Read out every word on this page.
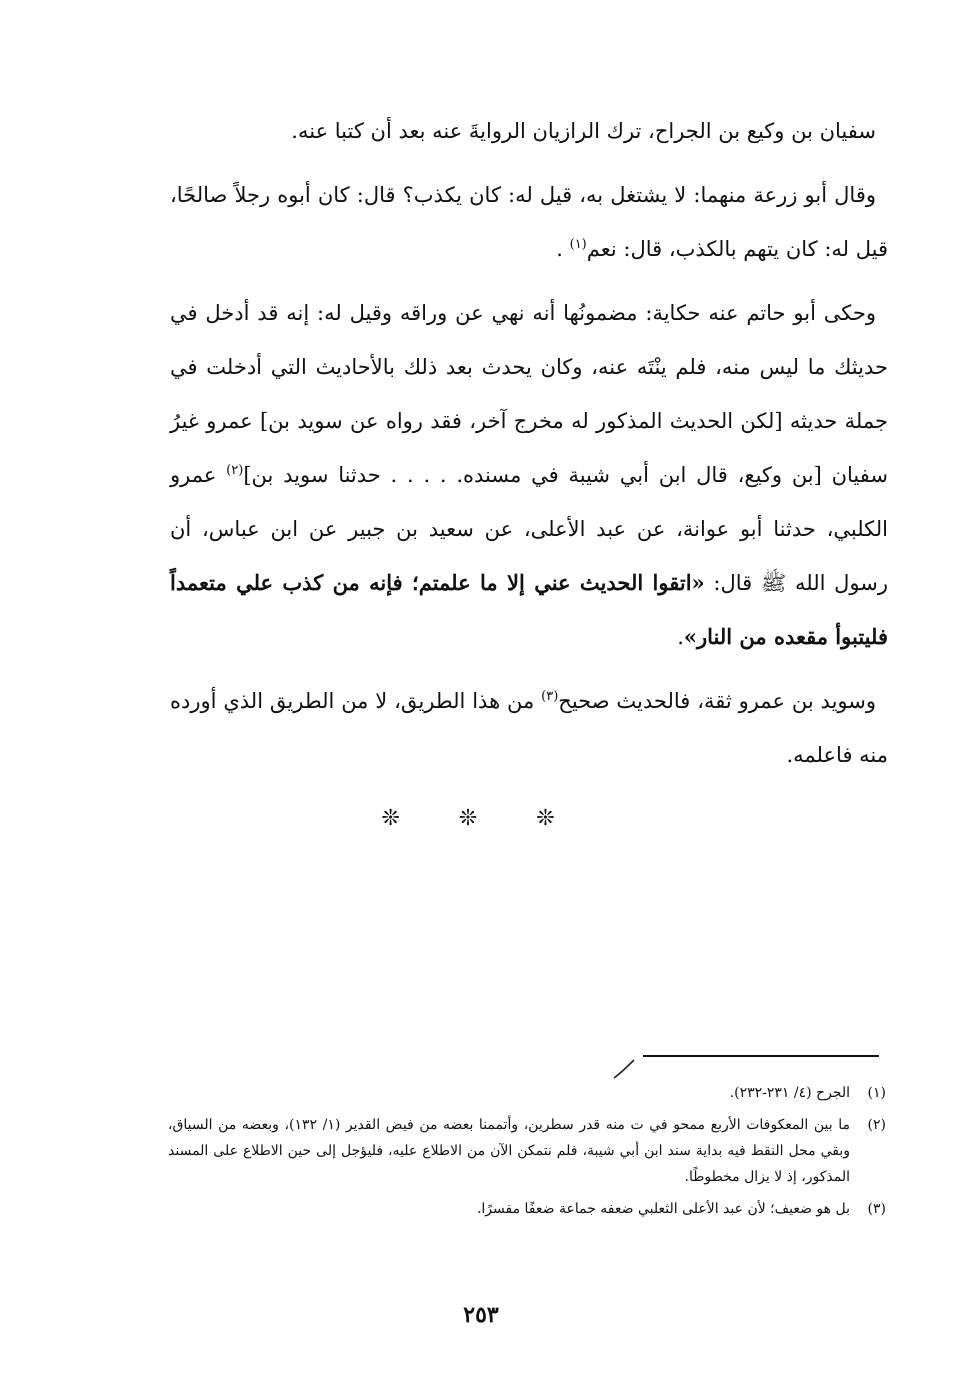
سفيان بن وكيع بن الجراح، ترك الرازيان الروايةَ عنه بعد أن كتبا عنه.

وقال أبو زرعة منهما: لا يشتغل به، قيل له: كان يكذب؟ قال: كان أبوه رجلاً صالحًا، قيل له: كان يتهم بالكذب، قال: نعم$^{(١)}$ .

وحكى أبو حاتم عنه حكاية: مضمونُها أنه نهي عن وراقه وقيل له: إنه قد أدخل في حديثك ما ليس منه، فلم ينْتَه عنه، وكان يحدث بعد ذلك بالأحاديث التي أدخلت في جملة حديثه [لكن الحديث المذكور له مخرج آخر، فقد رواه عن سويد بن] عمرو غيرُ سفيان [بن وكيع، قال ابن أبي شيبة في مسنده. . . . . حدثنا سويد بن]$^{(٢)}$ عمرو الكلبي، حدثنا أبو عوانة، عن عبد الأعلى، عن سعيد بن جبير عن ابن عباس، أن رسول الله ﷺ قال: «اتقوا الحديث عني إلا ما علمتم؛ فإنه من كذب علي متعمداً فليتبوأ مقعده من النار».

وسويد بن عمرو ثقة، فالحديث صحيح$^{(٣)}$ من هذا الطريق، لا من الطريق الذي أورده منه فاعلمه.

❊ ❊ ❊
(١)
الجرح (٤/ ٢٣١-٢٣٢).
(٢)
ما بين المعكوفات الأربع ممحو في ت منه قدر سطرين، وأتممنا بعضه من فيض القدير (١/ ١٣٢)، وبعضه من السياق، وبقي محل النقط فيه بداية سند ابن أبي شيبة، فلم نتمكن الآن من الاطلاع عليه، فليؤجل إلى حين الاطلاع على المسند المذكور، إذ لا يزال مخطوطًا.
(٣)
بل هو ضعيف؛ لأن عبد الأعلى الثعلبي ضعفه جماعة ضعفًا مفسرًا.
٢٥٣
